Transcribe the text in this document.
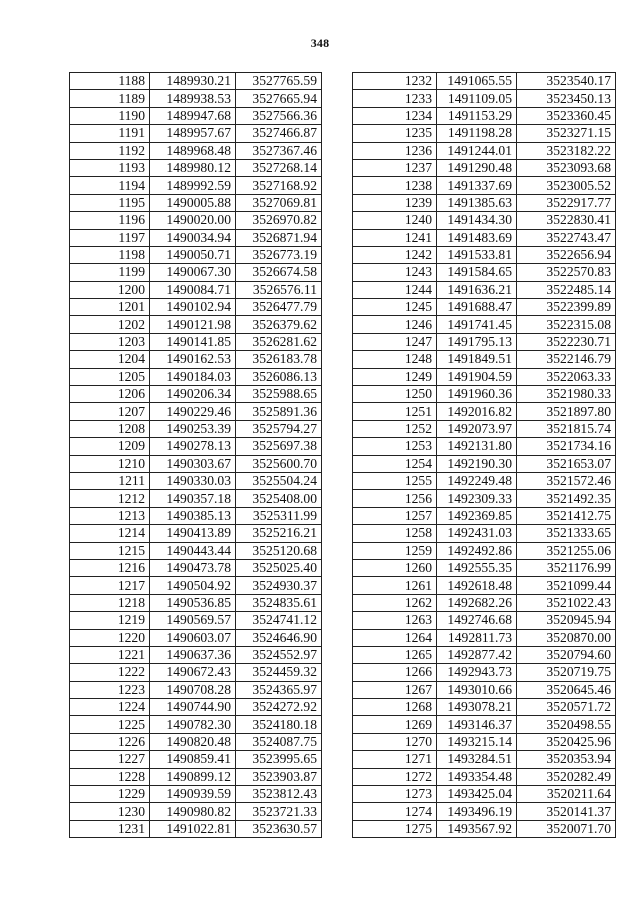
348
1188	1489930.21	3527765.59
1189	1489938.53	3527665.94
1190	1489947.68	3527566.36
1191	1489957.67	3527466.87
1192	1489968.48	3527367.46
1193	1489980.12	3527268.14
1194	1489992.59	3527168.92
1195	1490005.88	3527069.81
1196	1490020.00	3526970.82
1197	1490034.94	3526871.94
1198	1490050.71	3526773.19
1199	1490067.30	3526674.58
1200	1490084.71	3526576.11
1201	1490102.94	3526477.79
1202	1490121.98	3526379.62
1203	1490141.85	3526281.62
1204	1490162.53	3526183.78
1205	1490184.03	3526086.13
1206	1490206.34	3525988.65
1207	1490229.46	3525891.36
1208	1490253.39	3525794.27
1209	1490278.13	3525697.38
1210	1490303.67	3525600.70
1211	1490330.03	3525504.24
1212	1490357.18	3525408.00
1213	1490385.13	3525311.99
1214	1490413.89	3525216.21
1215	1490443.44	3525120.68
1216	1490473.78	3525025.40
1217	1490504.92	3524930.37
1218	1490536.85	3524835.61
1219	1490569.57	3524741.12
1220	1490603.07	3524646.90
1221	1490637.36	3524552.97
1222	1490672.43	3524459.32
1223	1490708.28	3524365.97
1224	1490744.90	3524272.92
1225	1490782.30	3524180.18
1226	1490820.48	3524087.75
1227	1490859.41	3523995.65
1228	1490899.12	3523903.87
1229	1490939.59	3523812.43
1230	1490980.82	3523721.33
1231	1491022.81	3523630.57
1232	1491065.55	3523540.17
1233	1491109.05	3523450.13
1234	1491153.29	3523360.45
1235	1491198.28	3523271.15
1236	1491244.01	3523182.22
1237	1491290.48	3523093.68
1238	1491337.69	3523005.52
1239	1491385.63	3522917.77
1240	1491434.30	3522830.41
1241	1491483.69	3522743.47
1242	1491533.81	3522656.94
1243	1491584.65	3522570.83
1244	1491636.21	3522485.14
1245	1491688.47	3522399.89
1246	1491741.45	3522315.08
1247	1491795.13	3522230.71
1248	1491849.51	3522146.79
1249	1491904.59	3522063.33
1250	1491960.36	3521980.33
1251	1492016.82	3521897.80
1252	1492073.97	3521815.74
1253	1492131.80	3521734.16
1254	1492190.30	3521653.07
1255	1492249.48	3521572.46
1256	1492309.33	3521492.35
1257	1492369.85	3521412.75
1258	1492431.03	3521333.65
1259	1492492.86	3521255.06
1260	1492555.35	3521176.99
1261	1492618.48	3521099.44
1262	1492682.26	3521022.43
1263	1492746.68	3520945.94
1264	1492811.73	3520870.00
1265	1492877.42	3520794.60
1266	1492943.73	3520719.75
1267	1493010.66	3520645.46
1268	1493078.21	3520571.72
1269	1493146.37	3520498.55
1270	1493215.14	3520425.96
1271	1493284.51	3520353.94
1272	1493354.48	3520282.49
1273	1493425.04	3520211.64
1274	1493496.19	3520141.37
1275	1493567.92	3520071.70
